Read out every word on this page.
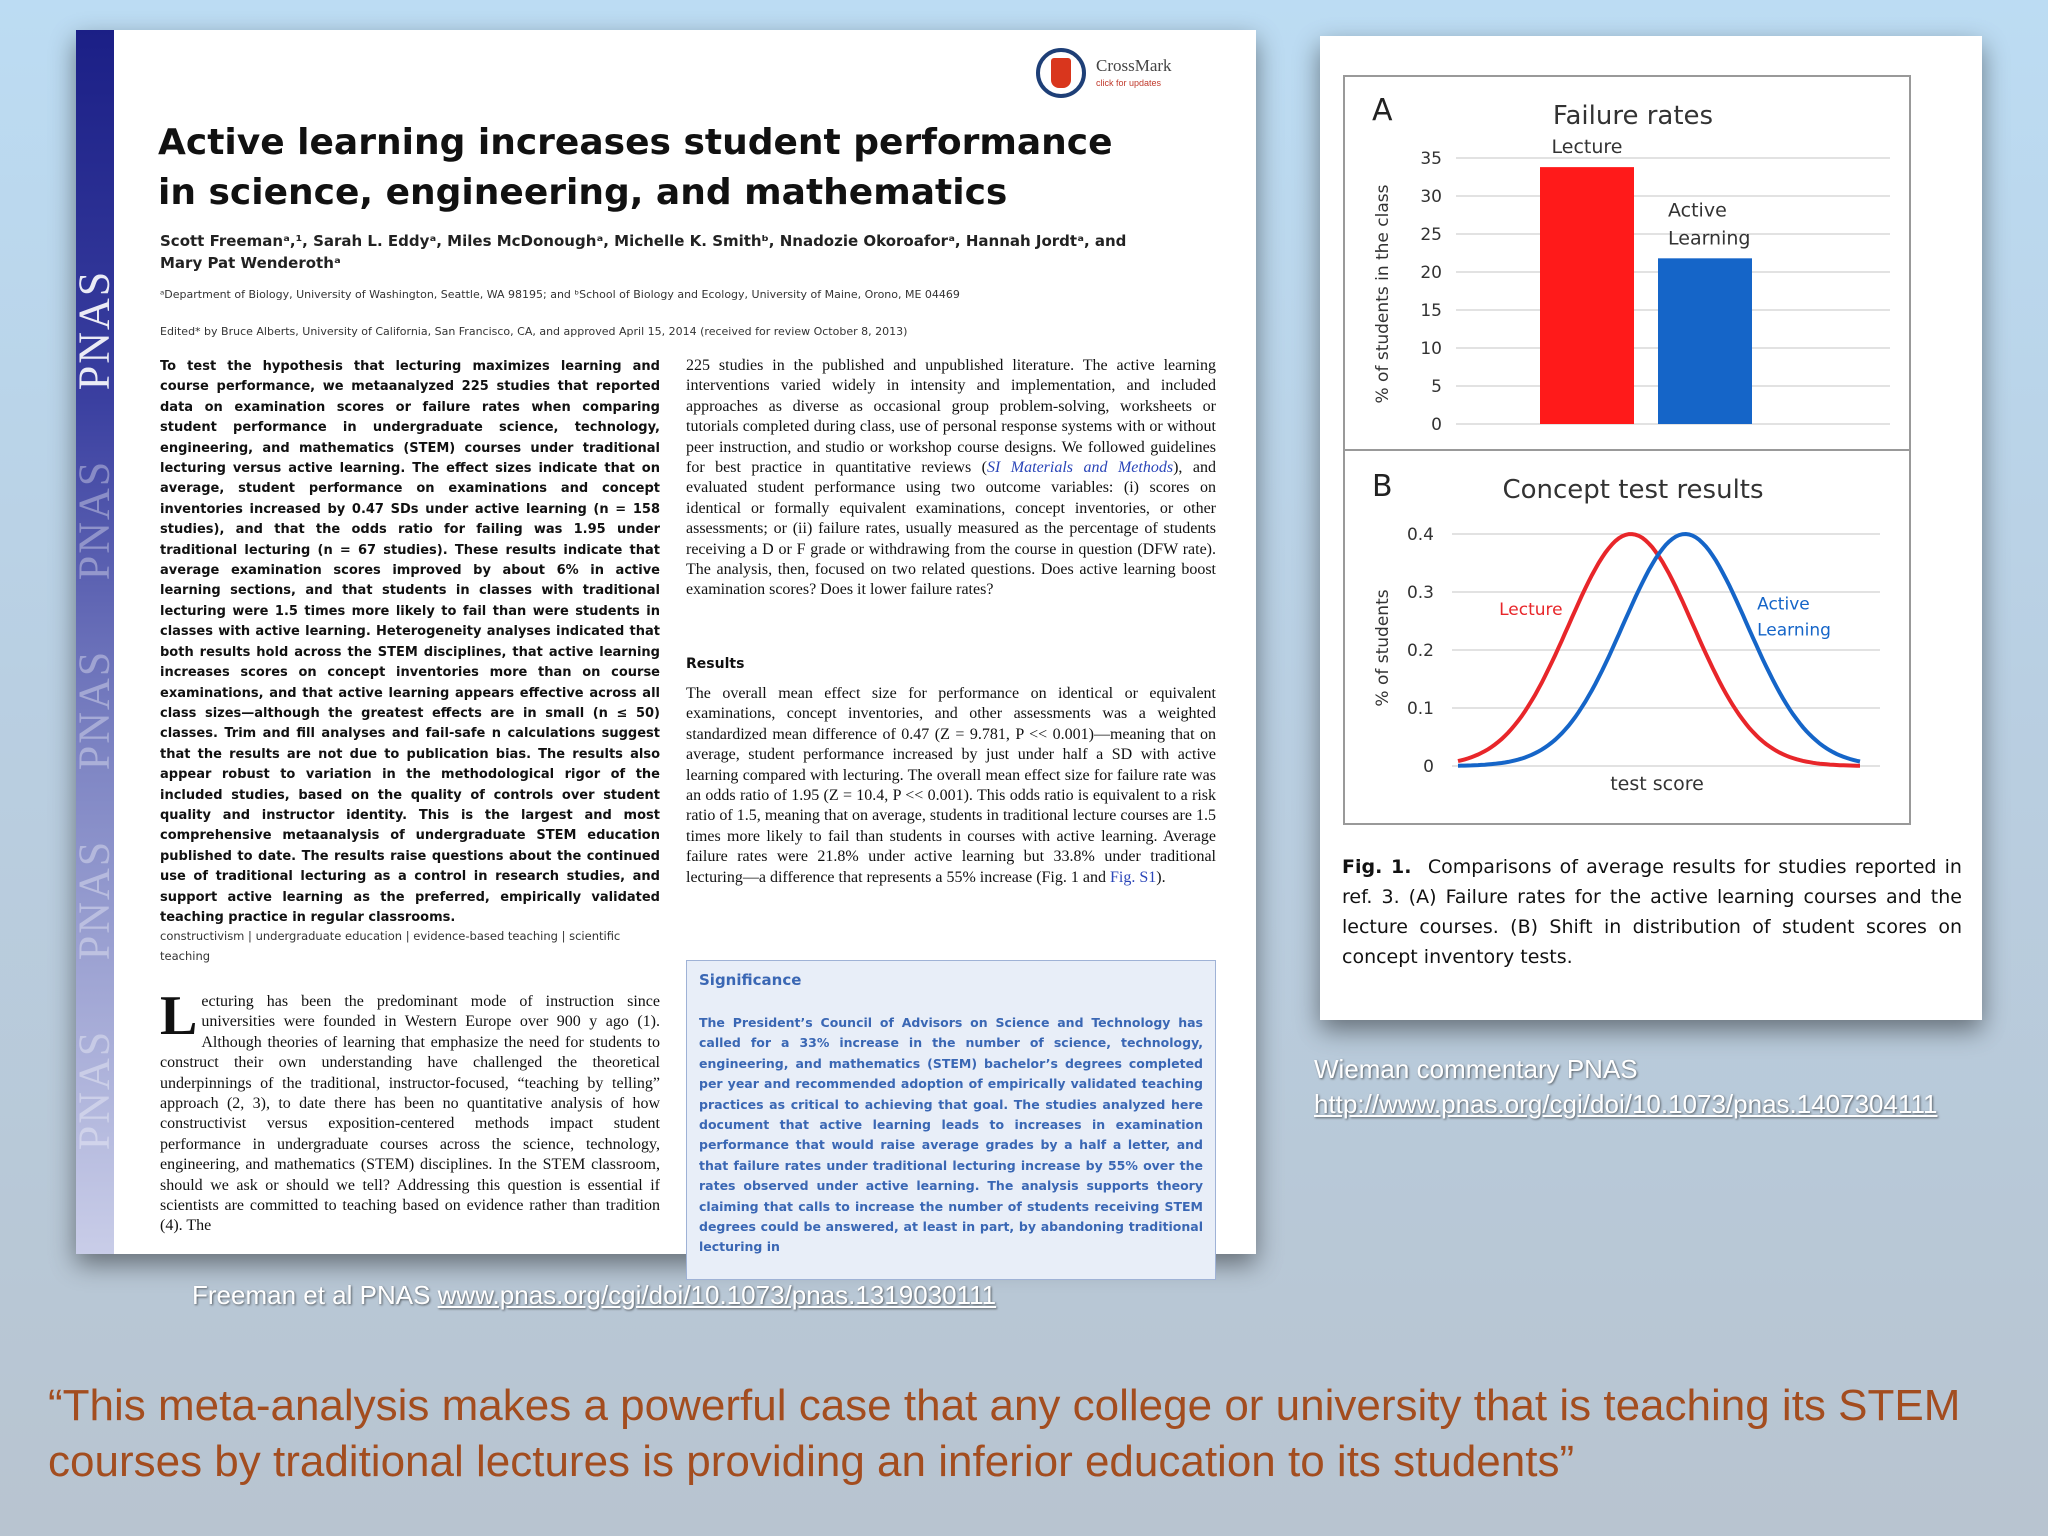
PNAS
PNAS
PNAS
PNAS
PNAS
CrossMark
click for updates
Active learning increases student performance in science, engineering, and mathematics
Scott Freemanᵃ,¹, Sarah L. Eddyᵃ, Miles McDonoughᵃ, Michelle K. Smithᵇ, Nnadozie Okoroaforᵃ, Hannah Jordtᵃ, and Mary Pat Wenderothᵃ
ᵃDepartment of Biology, University of Washington, Seattle, WA 98195; and ᵇSchool of Biology and Ecology, University of Maine, Orono, ME 04469
Edited* by Bruce Alberts, University of California, San Francisco, CA, and approved April 15, 2014 (received for review October 8, 2013)

To test the hypothesis that lecturing maximizes learning and course performance, we metaanalyzed 225 studies that reported data on examination scores or failure rates when comparing student performance in undergraduate science, technology, engineering, and mathematics (STEM) courses under traditional lecturing versus active learning. The effect sizes indicate that on average, student performance on examinations and concept inventories increased by 0.47 SDs under active learning (n = 158 studies), and that the odds ratio for failing was 1.95 under traditional lecturing (n = 67 studies). These results indicate that average examination scores improved by about 6% in active learning sections, and that students in classes with traditional lecturing were 1.5 times more likely to fail than were students in classes with active learning. Heterogeneity analyses indicated that both results hold across the STEM disciplines, that active learning increases scores on concept inventories more than on course examinations, and that active learning appears effective across all class sizes—although the greatest effects are in small (n ≤ 50) classes. Trim and fill analyses and fail-safe n calculations suggest that the results are not due to publication bias. The results also appear robust to variation in the methodological rigor of the included studies, based on the quality of controls over student quality and instructor identity. This is the largest and most comprehensive metaanalysis of undergraduate STEM education published to date. The results raise questions about the continued use of traditional lecturing as a control in research studies, and support active learning as the preferred, empirically validated teaching practice in regular classrooms.

constructivism | undergraduate education | evidence-based teaching | scientific teaching

Lecturing has been the predominant mode of instruction since universities were founded in Western Europe over 900 y ago (1). Although theories of learning that emphasize the need for students to construct their own understanding have challenged the theoretical underpinnings of the traditional, instructor-focused, “teaching by telling” approach (2, 3), to date there has been no quantitative analysis of how constructivist versus exposition-centered methods impact student performance in undergraduate courses across the science, technology, engineering, and mathematics (STEM) disciplines. In the STEM classroom, should we ask or should we tell? Addressing this question is essential if scientists are committed to teaching based on evidence rather than tradition (4). The

225 studies in the published and unpublished literature. The active learning interventions varied widely in intensity and implementation, and included approaches as diverse as occasional group problem-solving, worksheets or tutorials completed during class, use of personal response systems with or without peer instruction, and studio or workshop course designs. We followed guidelines for best practice in quantitative reviews (SI Materials and Methods), and evaluated student performance using two outcome variables: (i) scores on identical or formally equivalent examinations, concept inventories, or other assessments; or (ii) failure rates, usually measured as the percentage of students receiving a D or F grade or withdrawing from the course in question (DFW rate). The analysis, then, focused on two related questions. Does active learning boost examination scores? Does it lower failure rates?

Results

The overall mean effect size for performance on identical or equivalent examinations, concept inventories, and other assessments was a weighted standardized mean difference of 0.47 (Z = 9.781, P << 0.001)—meaning that on average, student performance increased by just under half a SD with active learning compared with lecturing. The overall mean effect size for failure rate was an odds ratio of 1.95 (Z = 10.4, P << 0.001). This odds ratio is equivalent to a risk ratio of 1.5, meaning that on average, students in traditional lecture courses are 1.5 times more likely to fail than students in courses with active learning. Average failure rates were 21.8% under active learning but 33.8% under traditional lecturing—a difference that represents a 55% increase (Fig. 1 and Fig. S1).

Significance

The President’s Council of Advisors on Science and Technology has called for a 33% increase in the number of science, technology, engineering, and mathematics (STEM) bachelor’s degrees completed per year and recommended adoption of empirically validated teaching practices as critical to achieving that goal. The studies analyzed here document that active learning leads to increases in examination performance that would raise average grades by a half a letter, and that failure rates under traditional lecturing increase by 55% over the rates observed under active learning. The analysis supports theory claiming that calls to increase the number of students receiving STEM degrees could be answered, at least in part, by abandoning traditional lecturing in

A	Failure rates
% of students in the class
0
5
10
15
20
25
30
35
Lecture
Active Learning
B	Concept test results
% of students
0
0.1
0.2
0.3
0.4
Lecture	Active Learning
test score

Fig. 1. Comparisons of average results for studies reported in ref. 3. (A) Failure rates for the active learning courses and the lecture courses. (B) Shift in distribution of student scores on concept inventory tests.

Freeman et al PNAS www.pnas.org/cgi/doi/10.1073/pnas.1319030111
Wieman commentary PNAS
http://www.pnas.org/cgi/doi/10.1073/pnas.1407304111
“This meta-analysis makes a powerful case that any college or university that is teaching its STEM courses by traditional lectures is providing an inferior education to its students”
